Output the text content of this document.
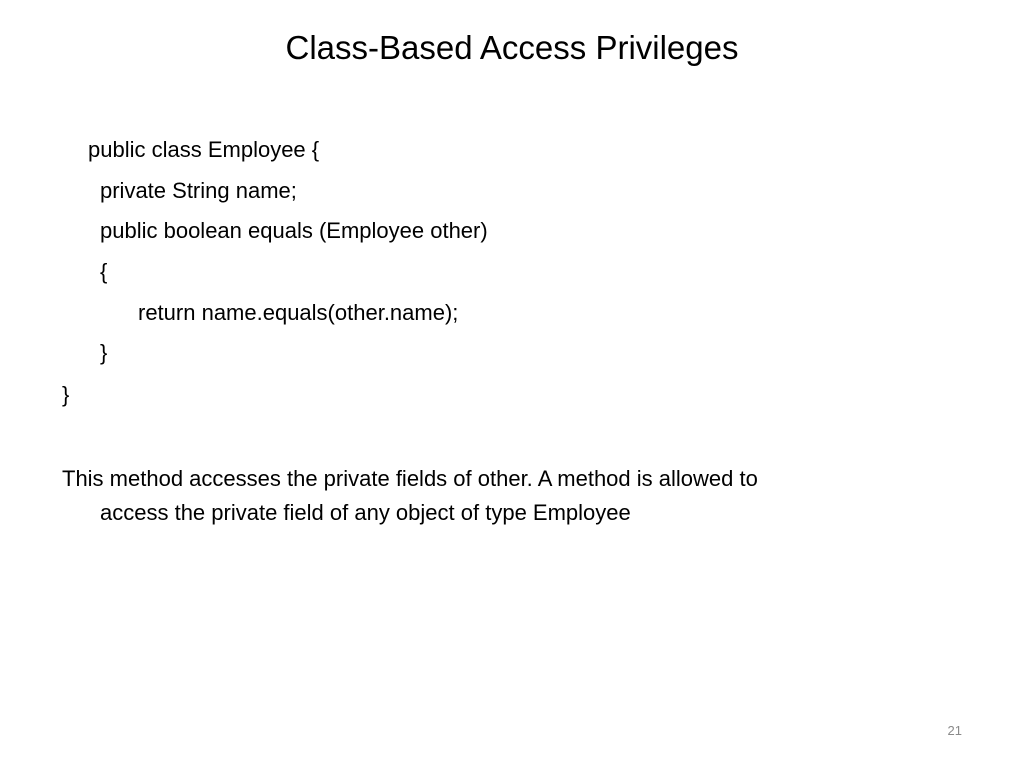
Class-Based Access Privileges
public class Employee {
private String name;
public boolean equals (Employee other)
{
return name.equals(other.name);
}
}
This method accesses the private fields of other. A method is allowed to
access the private field of any object of type Employee
21
